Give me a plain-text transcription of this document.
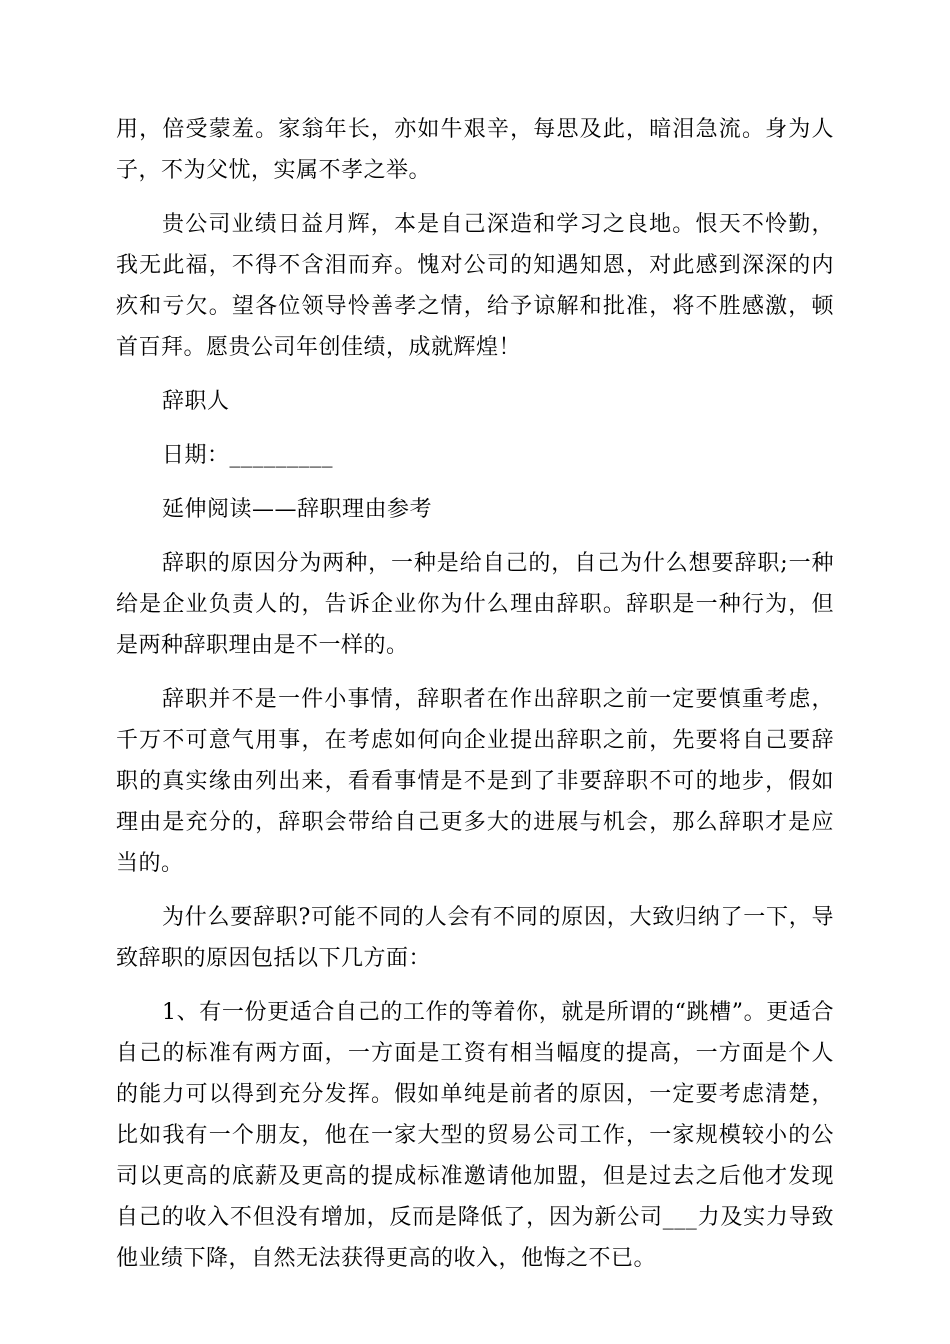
用，倍受蒙羞。家翁年长，亦如牛艰辛，每思及此，暗泪急流。身为人子，不为父忧，实属不孝之举。

贵公司业绩日益月辉，本是自己深造和学习之良地。恨天不怜勤，我无此福，不得不含泪而弃。愧对公司的知遇知恩，对此感到深深的内疚和亏欠。望各位领导怜善孝之情，给予谅解和批准，将不胜感激，顿首百拜。愿贵公司年创佳绩，成就辉煌！

辞职人

日期：_________

延伸阅读——辞职理由参考

辞职的原因分为两种，一种是给自己的，自己为什么想要辞职;一种给是企业负责人的，告诉企业你为什么理由辞职。辞职是一种行为，但是两种辞职理由是不一样的。

辞职并不是一件小事情，辞职者在作出辞职之前一定要慎重考虑，千万不可意气用事，在考虑如何向企业提出辞职之前，先要将自己要辞职的真实缘由列出来，看看事情是不是到了非要辞职不可的地步，假如理由是充分的，辞职会带给自己更多大的进展与机会，那么辞职才是应当的。

为什么要辞职?可能不同的人会有不同的原因，大致归纳了一下，导致辞职的原因包括以下几方面：

1、有一份更适合自己的工作的等着你，就是所谓的“跳槽”。更适合自己的标准有两方面，一方面是工资有相当幅度的提高，一方面是个人的能力可以得到充分发挥。假如单纯是前者的原因，一定要考虑清楚，比如我有一个朋友，他在一家大型的贸易公司工作，一家规模较小的公司以更高的底薪及更高的提成标准邀请他加盟，但是过去之后他才发现自己的收入不但没有增加，反而是降低了，因为新公司___力及实力导致他业绩下降，自然无法获得更高的收入，他悔之不已。
